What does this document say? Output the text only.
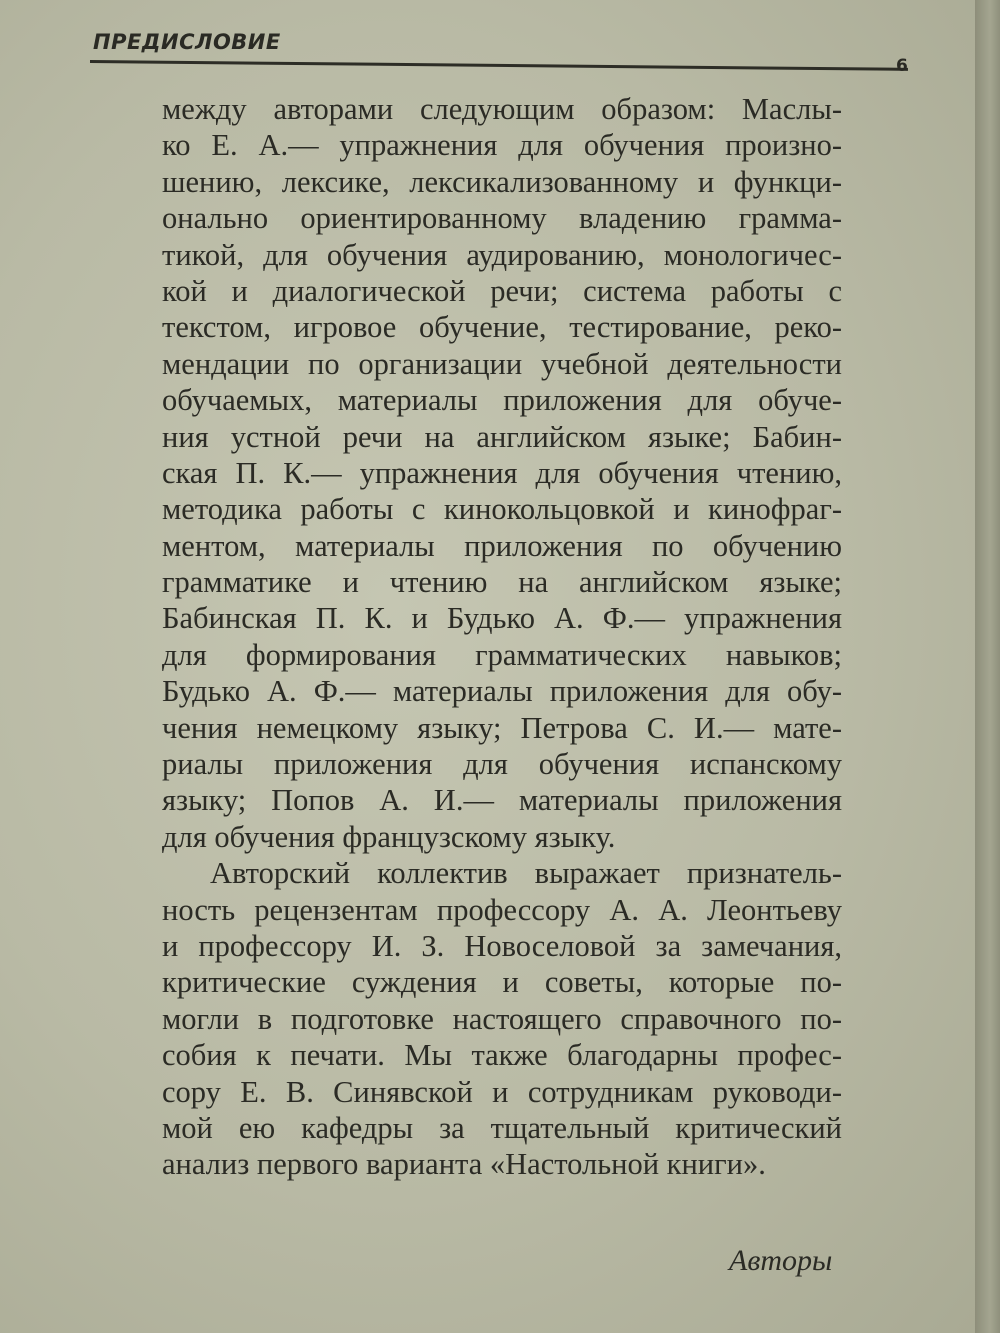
ПРЕДИСЛОВИЕ
6
между авторами следующим образом: Маслы-
ко Е. А.— упражнения для обучения произно-
шению, лексике, лексикализованному и функци-
онально ориентированному владению грамма-
тикой, для обучения аудированию, монологичес-
кой и диалогической речи; система работы с
текстом, игровое обучение, тестирование, реко-
мендации по организации учебной деятельности
обучаемых, материалы приложения для обуче-
ния устной речи на английском языке; Бабин-
ская П. К.— упражнения для обучения чтению,
методика работы с кинокольцовкой и кинофраг-
ментом, материалы приложения по обучению
грамматике и чтению на английском языке;
Бабинская П. К. и Будько А. Ф.— упражнения
для формирования грамматических навыков;
Будько А. Ф.— материалы приложения для обу-
чения немецкому языку; Петрова С. И.— мате-
риалы приложения для обучения испанскому
языку; Попов А. И.— материалы приложения
для обучения французскому языку.
Авторский коллектив выражает признатель-
ность рецензентам профессору А. А. Леонтьеву
и профессору И. З. Новоселовой за замечания,
критические суждения и советы, которые по-
могли в подготовке настоящего справочного по-
собия к печати. Мы также благодарны профес-
сору Е. В. Синявской и сотрудникам руководи-
мой ею кафедры за тщательный критический
анализ первого варианта «Настольной книги».
Авторы
